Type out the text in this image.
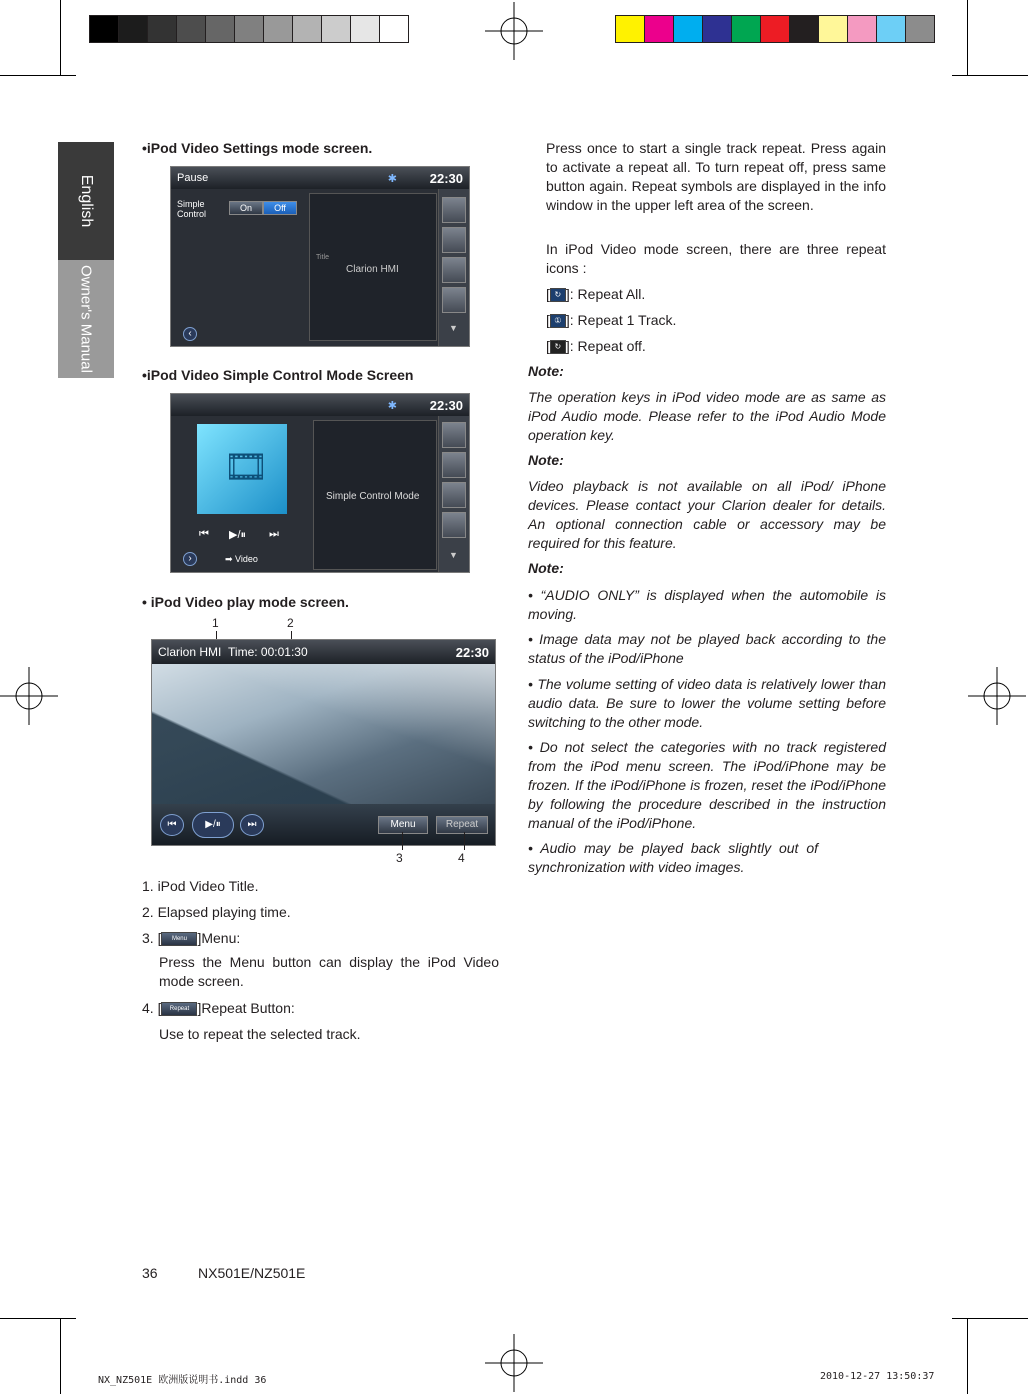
English
Owner's Manual
•iPod Video Settings mode screen.
Pause	✱	22:30
Simple
Control
On	Off
Title
Clarion HMI
▼
‹
•iPod Video Simple Control Mode Screen
✱	22:30
🎞
⏮ ▶/⏸ ⏭
➡ Video
›
Simple Control Mode
▼
• iPod Video play mode screen.
1	2
Clarion HMI Time: 00:01:30	22:30
⏮	▶/⏸	⏭	Menu	Repeat
3	4
1. iPod Video Title.
2. Elapsed playing time.
3. [ Menu ]Menu:
Press the Menu button can display the iPod Video mode screen.
4. [ Repeat ]Repeat Button:
Use to repeat the selected track.
Press once to start a single track repeat. Press again to activate a repeat all. To turn repeat off, press same button again. Repeat symbols are displayed in the info window in the upper left area of the screen.
In iPod Video mode screen, there are three repeat icons :
[ ↻ ]: Repeat All.
[ ① ]: Repeat 1 Track.
[ ↻ ]: Repeat off.
Note:
The operation keys in iPod video mode are as same as iPod Audio mode. Please refer to the iPod Audio Mode operation key.
Note:
Video playback is not available on all iPod/ iPhone devices. Please contact your Clarion dealer for details. An optional connection cable or accessory may be required for this feature.
Note:
• “AUDIO ONLY” is displayed when the automobile is moving.
• Image data may not be played back according to the status of the iPod/iPhone
• The volume setting of video data is relatively lower than audio data. Be sure to lower the volume setting before switching to the other mode.
• Do not select the categories with no track registered from the iPod menu screen. The iPod/iPhone may be frozen. If the iPod/iPhone is frozen, reset the iPod/iPhone by following the procedure described in the instruction manual of the iPod/iPhone.
• Audio may be played back slightly out of synchronization with video images.
36	NX501E/NZ501E
NX_NZ501E 欧洲版说明书.indd 36	2010-12-27 13:50:37
